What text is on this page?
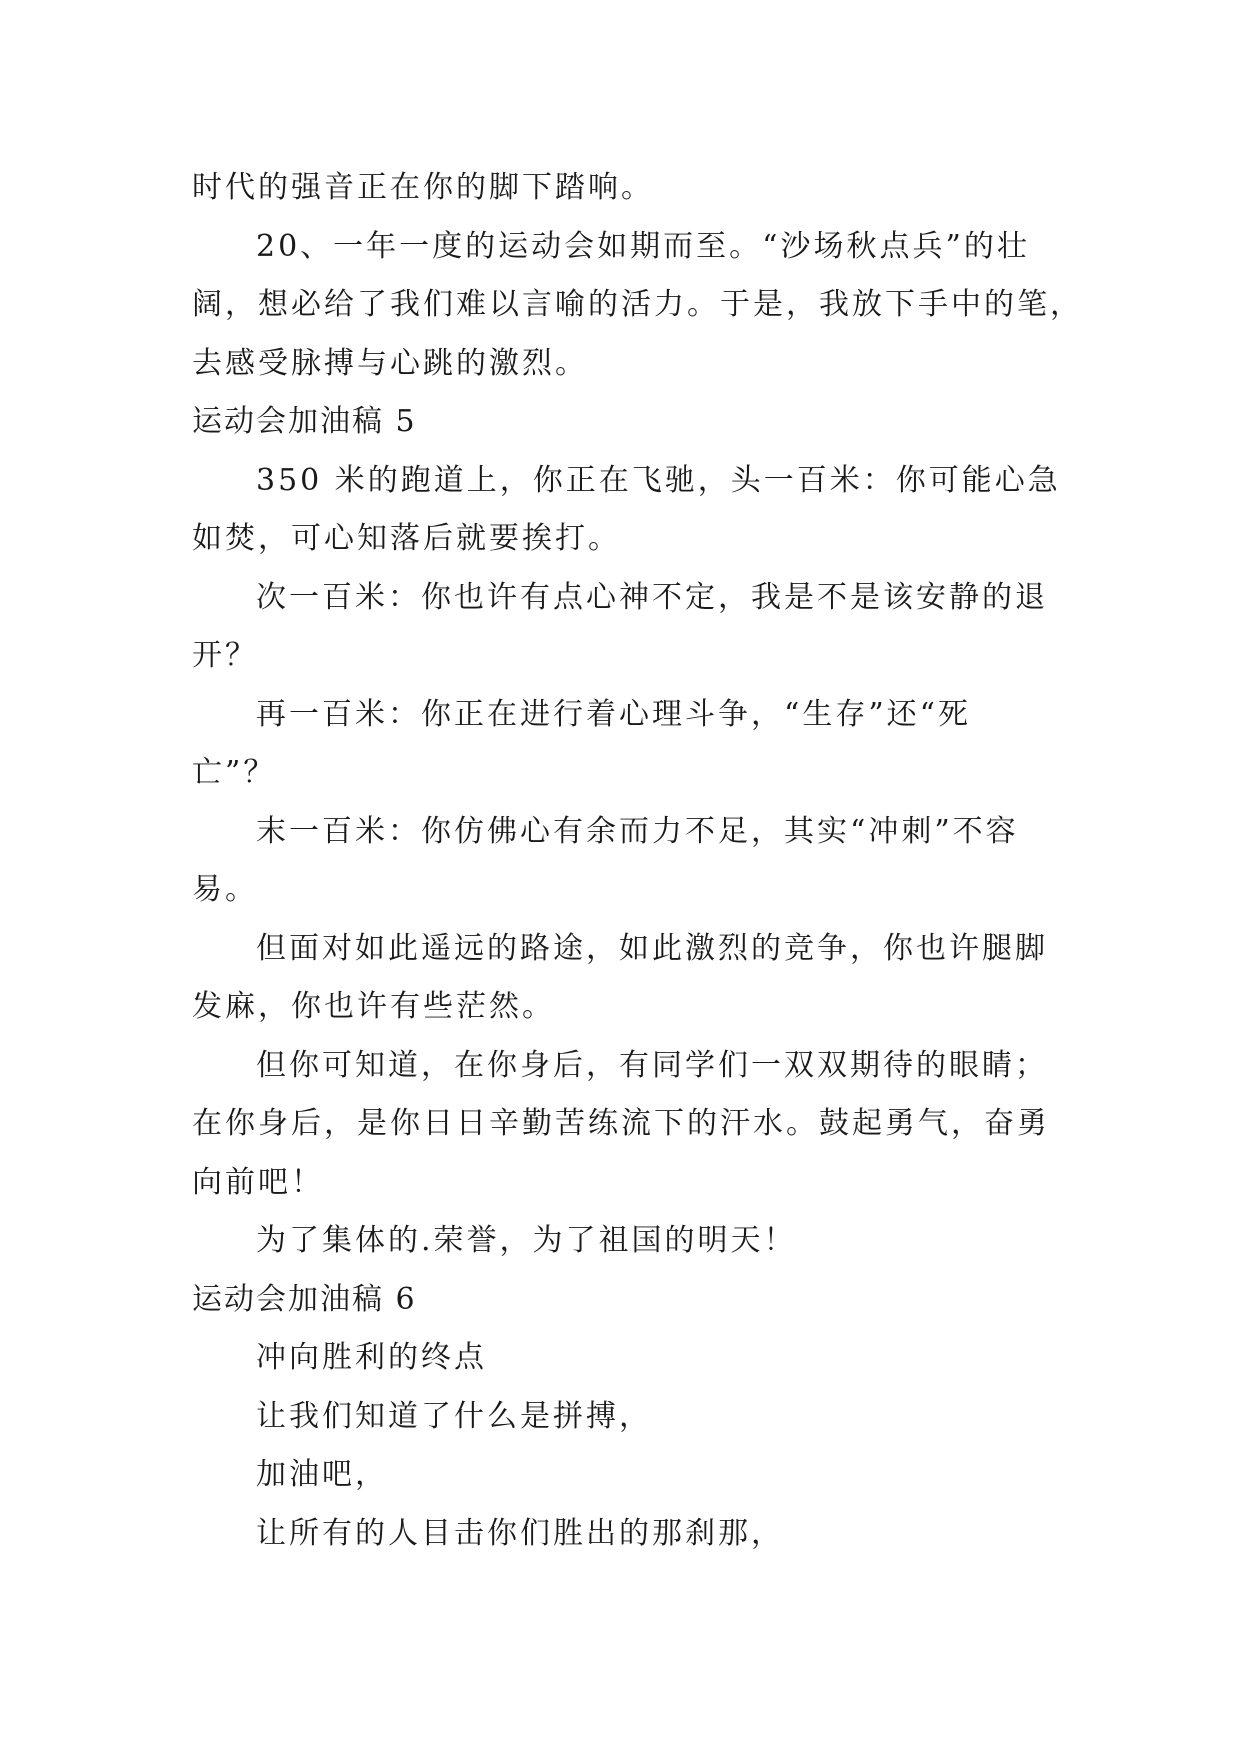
时代的强音正在你的脚下踏响。
20、一年一度的运动会如期而至。“沙场秋点兵”的壮
阔，想必给了我们难以言喻的活力。于是，我放下手中的笔，
去感受脉搏与心跳的激烈。
运动会加油稿 5
350 米的跑道上，你正在飞驰，头一百米：你可能心急
如焚，可心知落后就要挨打。
次一百米：你也许有点心神不定，我是不是该安静的退
开？
再一百米：你正在进行着心理斗争，“生存”还“死
亡”？
末一百米：你仿佛心有余而力不足，其实“冲刺”不容
易。
但面对如此遥远的路途，如此激烈的竞争，你也许腿脚
发麻，你也许有些茫然。
但你可知道，在你身后，有同学们一双双期待的眼睛；
在你身后，是你日日辛勤苦练流下的汗水。鼓起勇气，奋勇
向前吧！
为了集体的.荣誉，为了祖国的明天！
运动会加油稿 6
冲向胜利的终点
让我们知道了什么是拼搏，
加油吧，
让所有的人目击你们胜出的那刹那，
